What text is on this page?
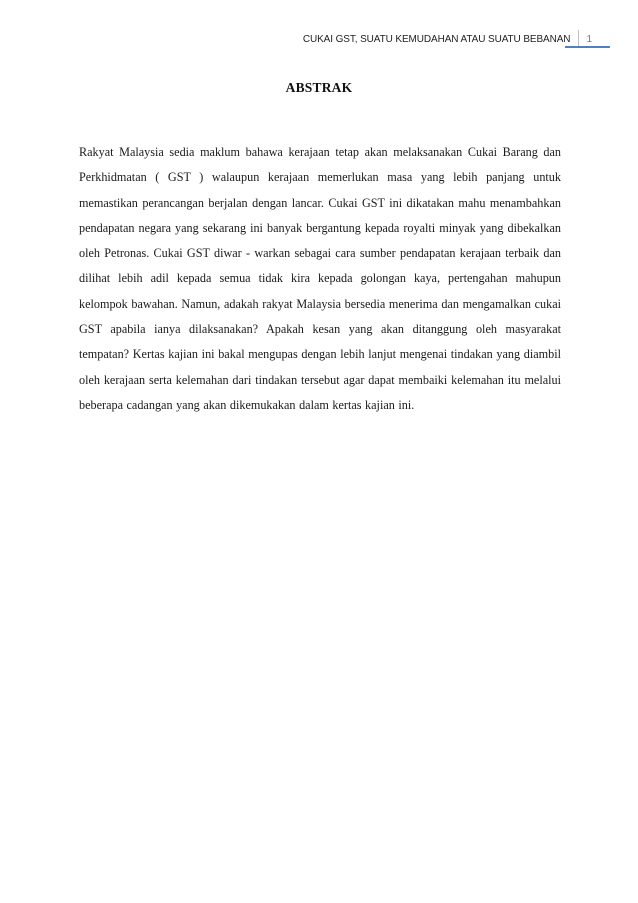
CUKAI GST, SUATU KEMUDAHAN ATAU SUATU BEBANAN	1
ABSTRAK

Rakyat Malaysia sedia maklum bahawa kerajaan tetap akan melaksanakan Cukai Barang dan Perkhidmatan ( GST ) walaupun kerajaan memerlukan masa yang lebih panjang untuk memastikan perancangan berjalan dengan lancar. Cukai GST ini dikatakan mahu menambahkan pendapatan negara yang sekarang ini banyak bergantung kepada royalti minyak yang dibekalkan oleh Petronas. Cukai GST diwar - warkan sebagai cara sumber pendapatan kerajaan terbaik dan dilihat lebih adil kepada semua tidak kira kepada golongan kaya, pertengahan mahupun kelompok bawahan. Namun, adakah rakyat Malaysia bersedia menerima dan mengamalkan cukai GST apabila ianya dilaksanakan? Apakah kesan yang akan ditanggung oleh masyarakat tempatan? Kertas kajian ini bakal mengupas dengan lebih lanjut mengenai tindakan yang diambil oleh kerajaan serta kelemahan dari tindakan tersebut agar dapat membaiki kelemahan itu melalui beberapa cadangan yang akan dikemukakan dalam kertas kajian ini.
